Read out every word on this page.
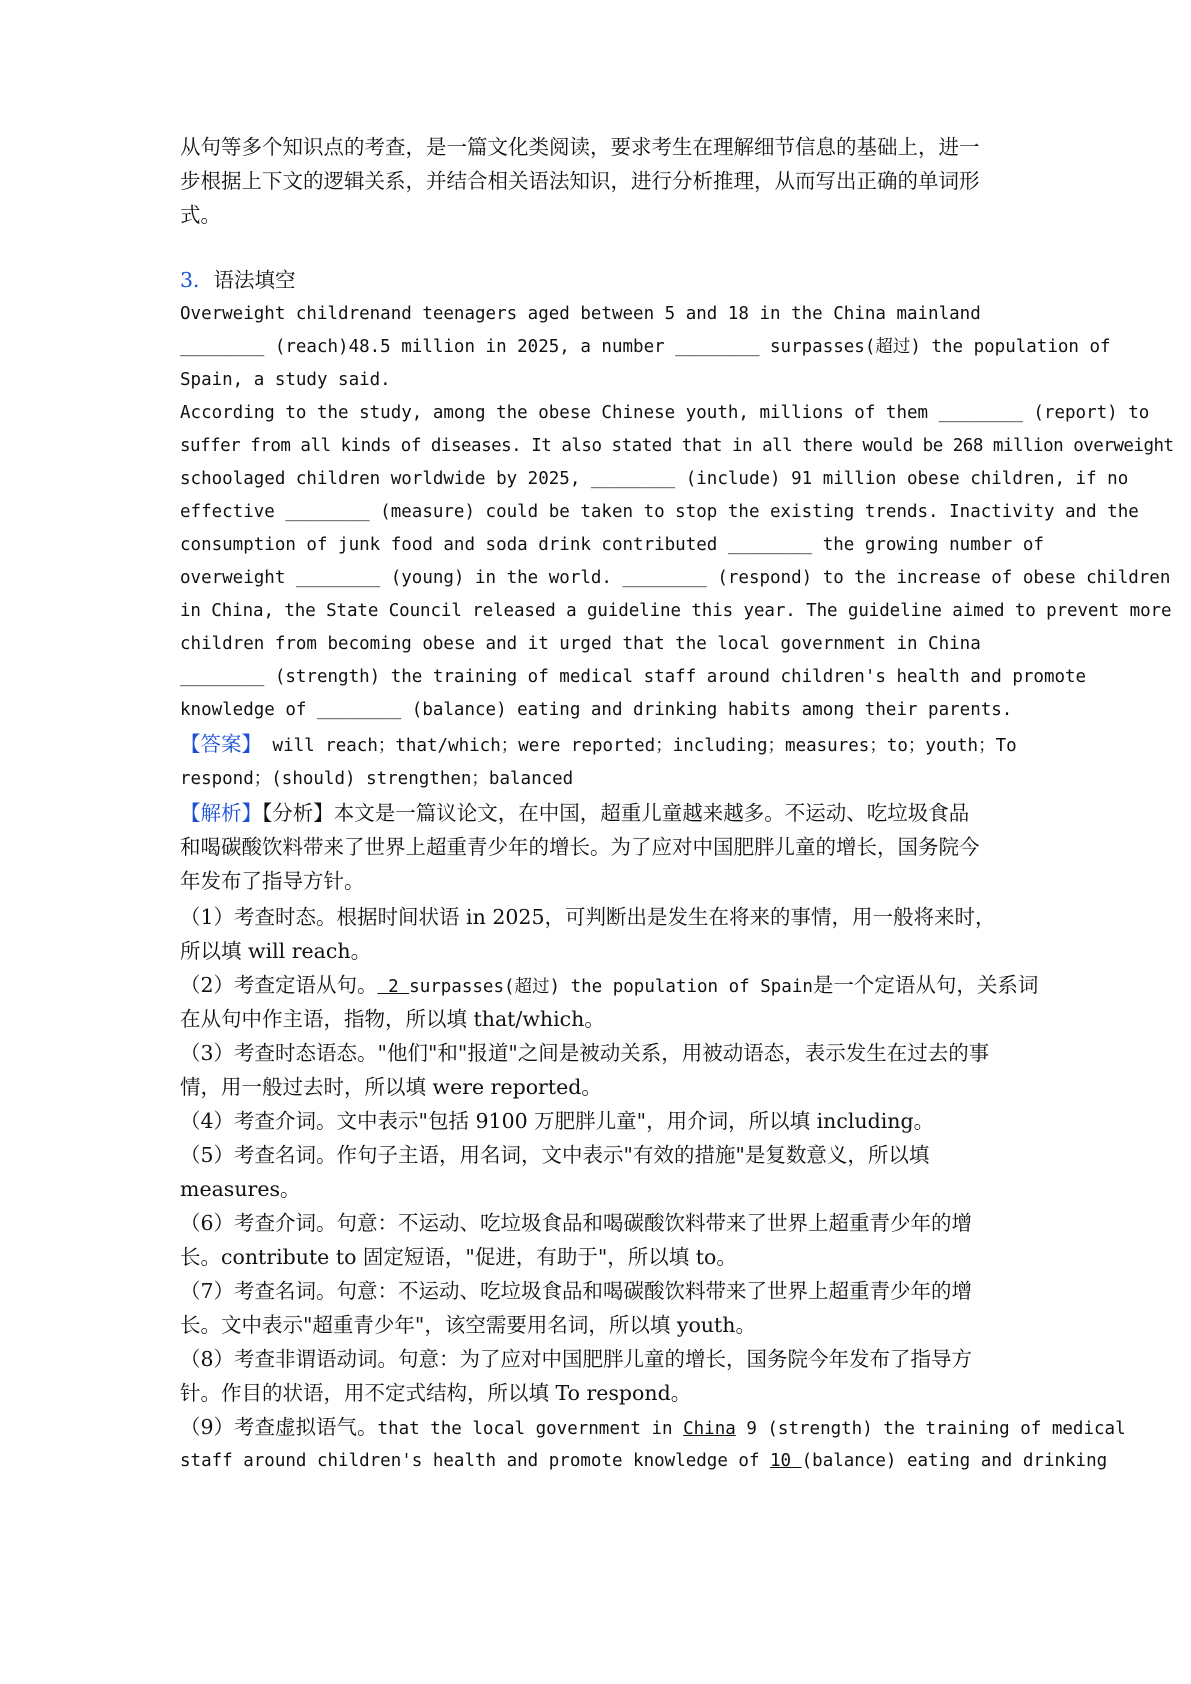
从句等多个知识点的考查，是一篇文化类阅读，要求考生在理解细节信息的基础上，进一
步根据上下文的逻辑关系，并结合相关语法知识，进行分析推理，从而写出正确的单词形
式。
3．语法填空
Overweight childrenand teenagers aged between 5 and 18 in the China mainland
________ (reach)48.5 million in 2025, a number ________ surpasses(超过) the population of
Spain, a study said.
According to the study, among the obese Chinese youth, millions of them ________ (report) to
suffer from all kinds of diseases. It also stated that in all there would be 268 million overweight
schoolaged children worldwide by 2025, ________ (include) 91 million obese children, if no
effective ________ (measure) could be taken to stop the existing trends. Inactivity and the
consumption of junk food and soda drink contributed ________ the growing number of
overweight ________ (young) in the world. ________ (respond) to the increase of obese children
in China, the State Council released a guideline this year. The guideline aimed to prevent more
children from becoming obese and it urged that the local government in China
________ (strength) the training of medical staff around children's health and promote
knowledge of ________ (balance) eating and drinking habits among their parents.
【答案】 will reach；that/which；were reported；including；measures；to；youth；To
respond；(should) strengthen；balanced
【解析】【分析】本文是一篇议论文，在中国，超重儿童越来越多。不运动、吃垃圾食品
和喝碳酸饮料带来了世界上超重青少年的增长。为了应对中国肥胖儿童的增长，国务院今
年发布了指导方针。
（1）考查时态。根据时间状语 in 2025，可判断出是发生在将来的事情，用一般将来时，
所以填 will reach。
（2）考查定语从句。 2 surpasses(超过) the population of Spain是一个定语从句，关系词
在从句中作主语，指物，所以填 that/which。
（3）考查时态语态。"他们"和"报道"之间是被动关系，用被动语态，表示发生在过去的事
情，用一般过去时，所以填 were reported。
（4）考查介词。文中表示"包括 9100 万肥胖儿童"，用介词，所以填 including。
（5）考查名词。作句子主语，用名词，文中表示"有效的措施"是复数意义，所以填
measures。
（6）考查介词。句意：不运动、吃垃圾食品和喝碳酸饮料带来了世界上超重青少年的增
长。contribute to 固定短语，"促进，有助于"，所以填 to。
（7）考查名词。句意：不运动、吃垃圾食品和喝碳酸饮料带来了世界上超重青少年的增
长。文中表示"超重青少年"，该空需要用名词，所以填 youth。
（8）考查非谓语动词。句意：为了应对中国肥胖儿童的增长，国务院今年发布了指导方
针。作目的状语，用不定式结构，所以填 To respond。
（9）考查虚拟语气。that the local government in China 9 (strength) the training of medical
staff around children's health and promote knowledge of 10 (balance) eating and drinking
